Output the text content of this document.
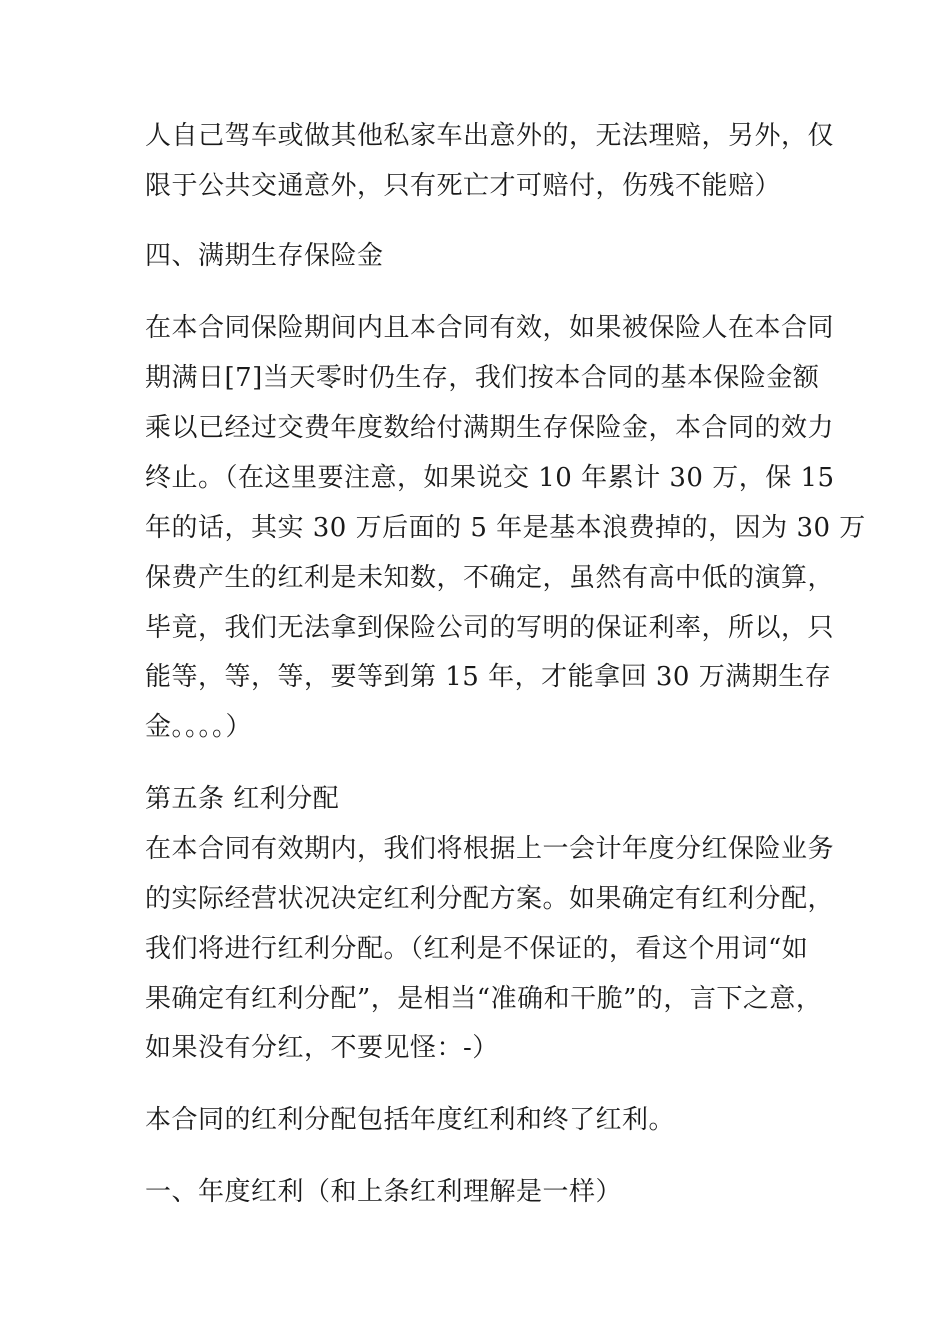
人自己驾车或做其他私家车出意外的，无法理赔，另外，仅
限于公共交通意外，只有死亡才可赔付，伤残不能赔）
四、满期生存保险金
在本合同保险期间内且本合同有效，如果被保险人在本合同
期满日[7]当天零时仍生存，我们按本合同的基本保险金额
乘以已经过交费年度数给付满期生存保险金，本合同的效力
终止。（在这里要注意，如果说交 10 年累计 30 万，保 15
年的话，其实 30 万后面的 5 年是基本浪费掉的，因为 30 万
保费产生的红利是未知数，不确定，虽然有高中低的演算，
毕竟，我们无法拿到保险公司的写明的保证利率，所以，只
能等，等，等，要等到第 15 年，才能拿回 30 万满期生存
金。。。。）
第五条 红利分配
在本合同有效期内，我们将根据上一会计年度分红保险业务
的实际经营状况决定红利分配方案。如果确定有红利分配，
我们将进行红利分配。（红利是不保证的，看这个用词“如
果确定有红利分配”，是相当“准确和干脆”的，言下之意，
如果没有分红，不要见怪：-）
本合同的红利分配包括年度红利和终了红利。
一、年度红利（和上条红利理解是一样）
